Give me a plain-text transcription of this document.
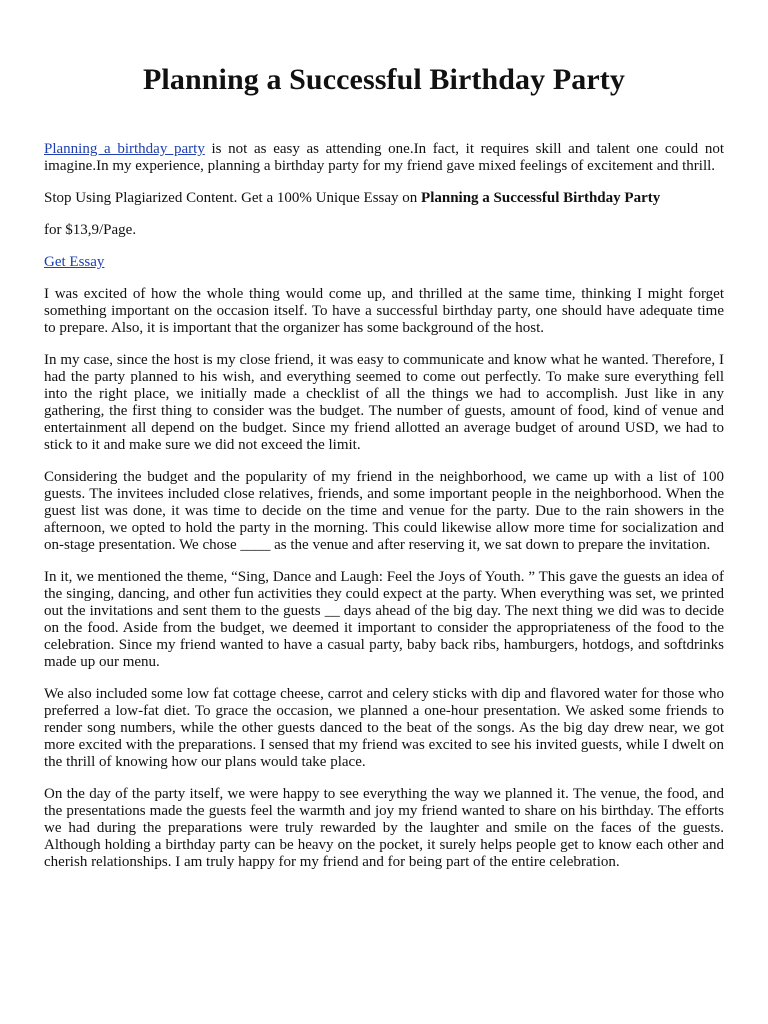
Planning a Successful Birthday Party

Planning a birthday party is not as easy as attending one.In fact, it requires skill and talent one could not imagine.In my experience, planning a birthday party for my friend gave mixed feelings of excitement and thrill.

Stop Using Plagiarized Content. Get a 100% Unique Essay on Planning a Successful Birthday Party

for $13,9/Page.

Get Essay

I was excited of how the whole thing would come up, and thrilled at the same time, thinking I might forget something important on the occasion itself. To have a successful birthday party, one should have adequate time to prepare. Also, it is important that the organizer has some background of the host.

In my case, since the host is my close friend, it was easy to communicate and know what he wanted. Therefore, I had the party planned to his wish, and everything seemed to come out perfectly. To make sure everything fell into the right place, we initially made a checklist of all the things we had to accomplish. Just like in any gathering, the first thing to consider was the budget. The number of guests, amount of food, kind of venue and entertainment all depend on the budget. Since my friend allotted an average budget of around USD, we had to stick to it and make sure we did not exceed the limit.

Considering the budget and the popularity of my friend in the neighborhood, we came up with a list of 100 guests. The invitees included close relatives, friends, and some important people in the neighborhood. When the guest list was done, it was time to decide on the time and venue for the party. Due to the rain showers in the afternoon, we opted to hold the party in the morning. This could likewise allow more time for socialization and on-stage presentation. We chose ____ as the venue and after reserving it, we sat down to prepare the invitation.

In it, we mentioned the theme, “Sing, Dance and Laugh: Feel the Joys of Youth. ” This gave the guests an idea of the singing, dancing, and other fun activities they could expect at the party. When everything was set, we printed out the invitations and sent them to the guests __ days ahead of the big day. The next thing we did was to decide on the food. Aside from the budget, we deemed it important to consider the appropriateness of the food to the celebration. Since my friend wanted to have a casual party, baby back ribs, hamburgers, hotdogs, and softdrinks made up our menu.

We also included some low fat cottage cheese, carrot and celery sticks with dip and flavored water for those who preferred a low-fat diet. To grace the occasion, we planned a one-hour presentation. We asked some friends to render song numbers, while the other guests danced to the beat of the songs. As the big day drew near, we got more excited with the preparations. I sensed that my friend was excited to see his invited guests, while I dwelt on the thrill of knowing how our plans would take place.

On the day of the party itself, we were happy to see everything the way we planned it. The venue, the food, and the presentations made the guests feel the warmth and joy my friend wanted to share on his birthday. The efforts we had during the preparations were truly rewarded by the laughter and smile on the faces of the guests. Although holding a birthday party can be heavy on the pocket, it surely helps people get to know each other and cherish relationships. I am truly happy for my friend and for being part of the entire celebration.
